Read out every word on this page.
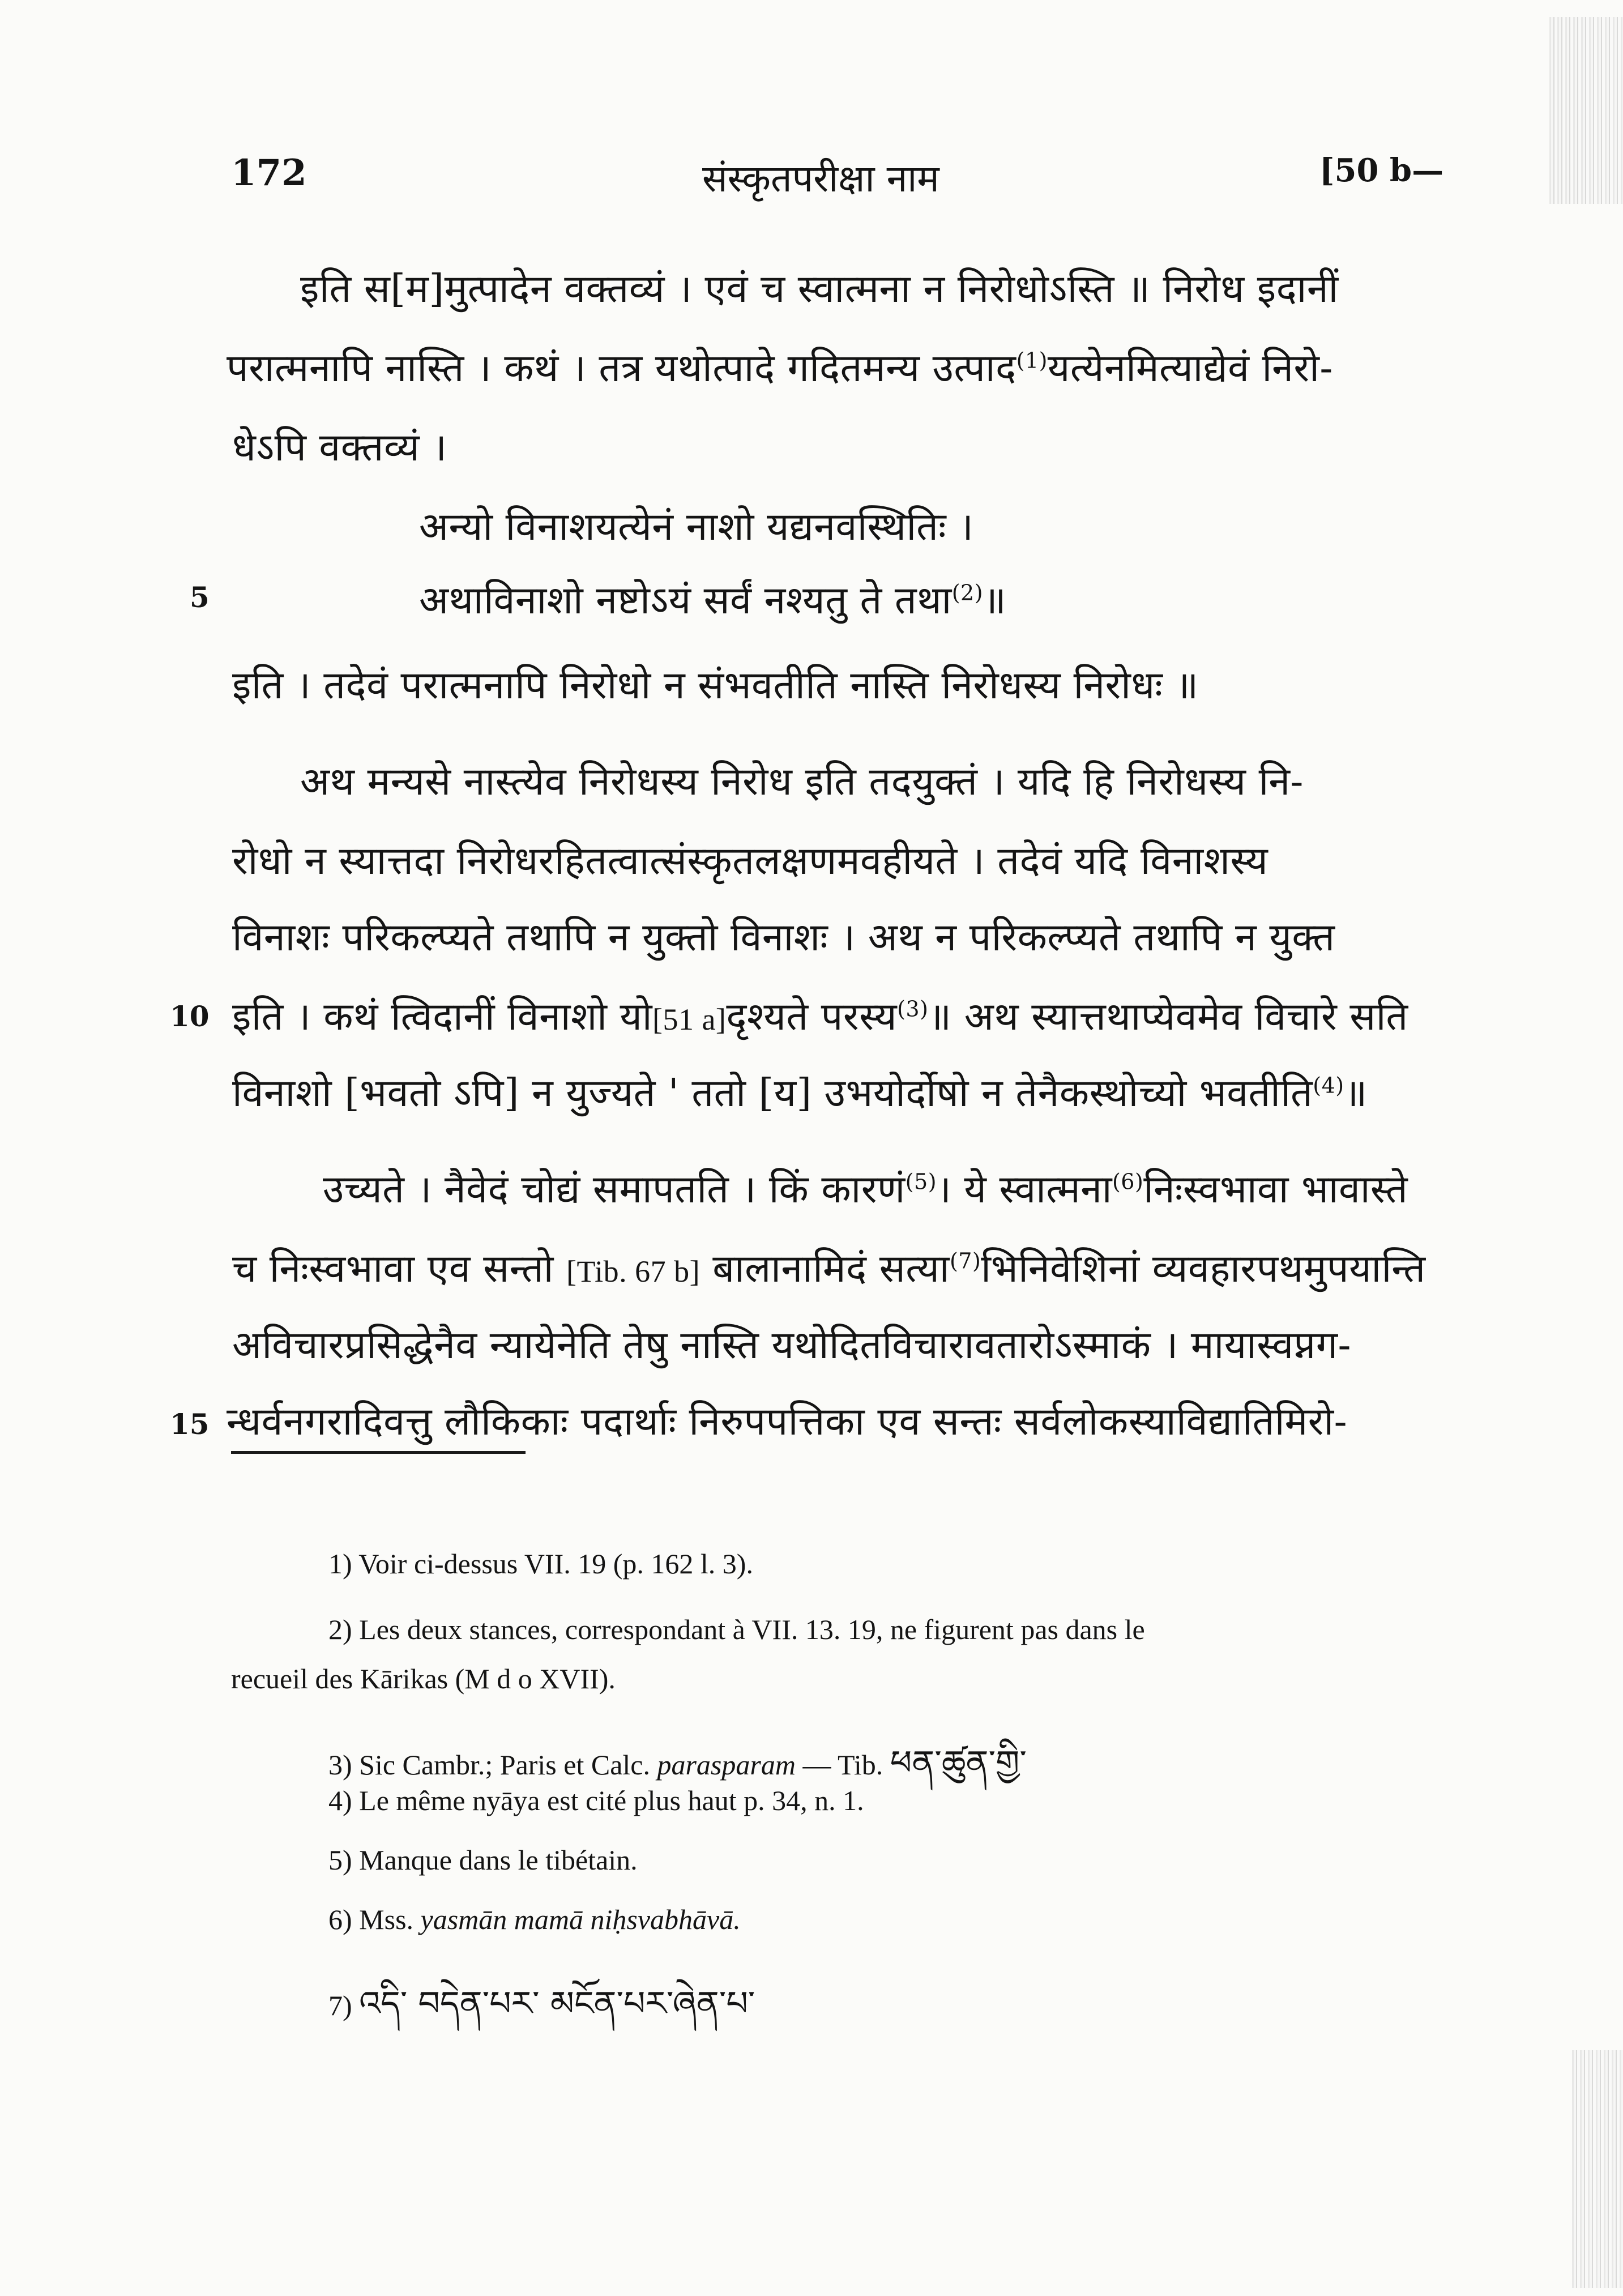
172	संस्कृतपरीक्षा नाम	[50 b—
इति स[म]मुत्पादेन वक्तव्यं । एवं च स्वात्मना न निरोधोऽस्ति ॥ निरोध इदानीं
परात्मनापि नास्ति । कथं । तत्र यथोत्पादे गदितमन्य उत्पाद$^{(1)}$यत्येनमित्याद्येवं निरो-
धेऽपि वक्तव्यं ।
अन्यो विनाशयत्येनं नाशो यद्यनवस्थितिः ।
5	अथाविनाशो नष्टोऽयं सर्वं नश्यतु ते तथा$^{(2)}$॥
इति । तदेवं परात्मनापि निरोधो न संभवतीति नास्ति निरोधस्य निरोधः ॥
अथ मन्यसे नास्त्येव निरोधस्य निरोध इति तदयुक्तं । यदि हि निरोधस्य नि-
रोधो न स्यात्तदा निरोधरहितत्वात्संस्कृतलक्षणमवहीयते । तदेवं यदि विनाशस्य
विनाशः परिकल्प्यते तथापि न युक्तो विनाशः । अथ न परिकल्प्यते तथापि न युक्त
10 इति । कथं त्विदानीं विनाशो यो[51 a]दृश्यते परस्य$^{(3)}$॥ अथ स्यात्तथाप्येवमेव विचारे सति
विनाशो [भवतो ऽपि] न युज्यते ' ततो [य] उभयोर्दोषो न तेनैकस्थोच्यो भवतीति$^{(4)}$॥
उच्यते । नैवेदं चोद्यं समापतति । किं कारणं$^{(5)}$। ये स्वात्मना$^{(6)}$निःस्वभावा भावास्ते
च निःस्वभावा एव सन्तो [Tib. 67 b] बालानामिदं सत्या$^{(7)}$भिनिवेशिनां व्यवहारपथमुपयान्ति
अविचारप्रसिद्धेनैव न्यायेनेति तेषु नास्ति यथोदितविचारावतारोऽस्माकं । मायास्वप्नग-
15 न्धर्वनगरादिवत्तु लौकिकाः पदार्थाः निरुपपत्तिका एव सन्तः सर्वलोकस्याविद्यातिमिरो-
1) Voir ci-dessus VII. 19 (p. 162 l. 3).
2) Les deux stances, correspondant à VII. 13. 19, ne figurent pas dans le
recueil des Kārikas (M d o XVII).
3) Sic Cambr.; Paris et Calc. parasparam — Tib. ཕན་ཚུན་གྱི་
4) Le même nyāya est cité plus haut p. 34, n. 1.
5) Manque dans le tibétain.
6) Mss. yasmān mamā niḥsvabhāvā.
7) འདི་ བདེན་པར་ མངོན་པར་ཞེན་པ་
